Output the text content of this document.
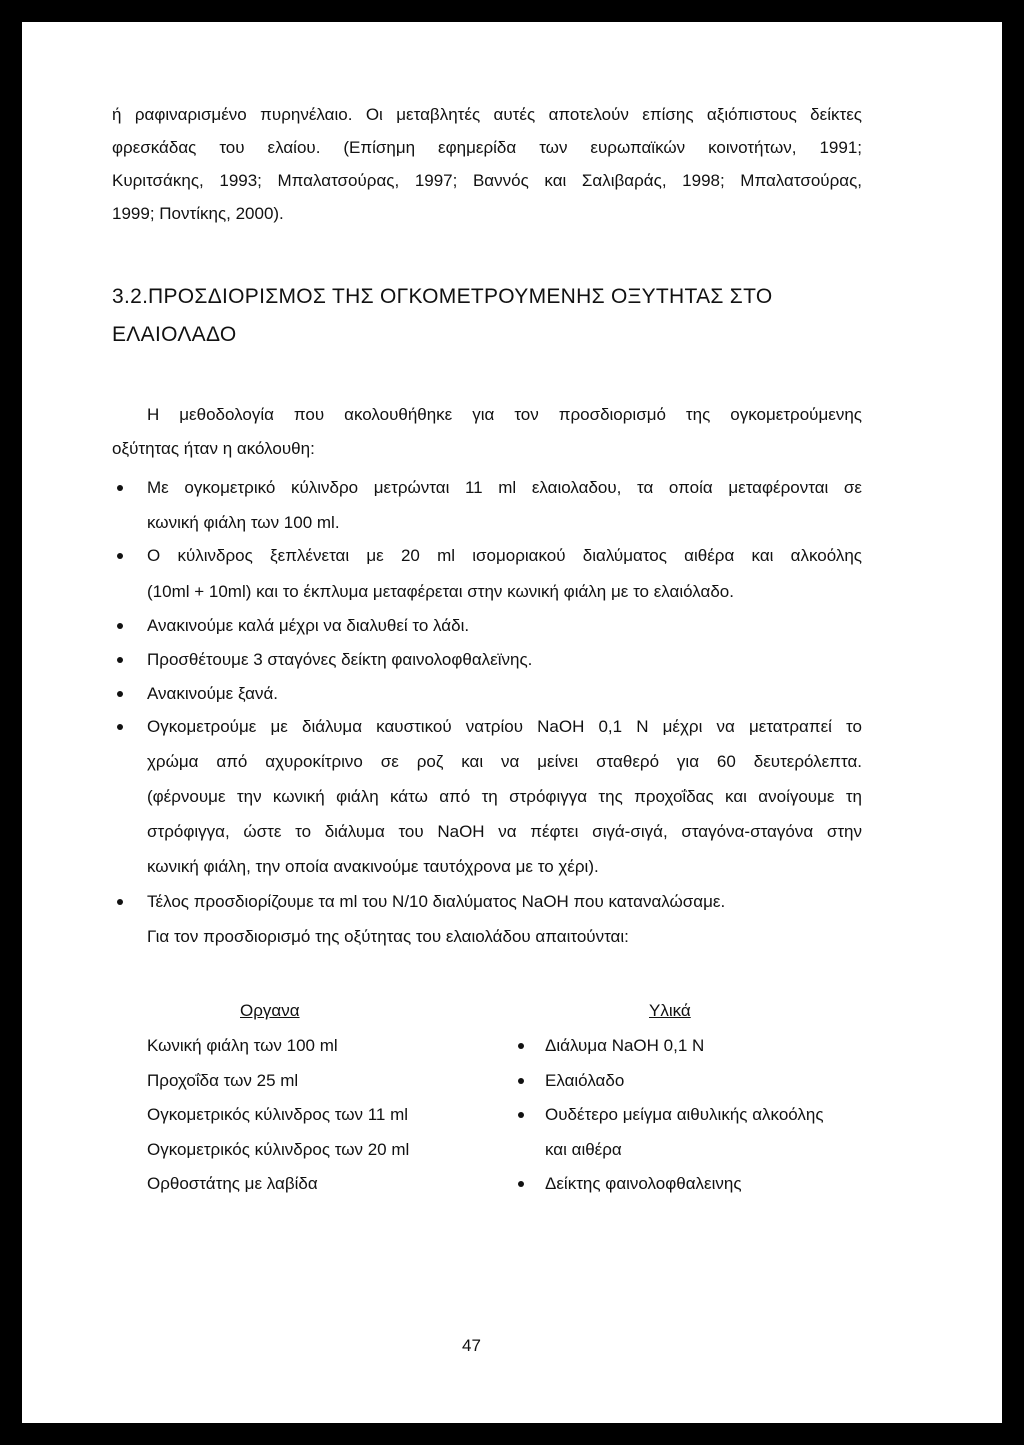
ή ραφιναρισμένο πυρηνέλαιο. Οι μεταβλητές αυτές αποτελούν επίσης αξιόπιστους δείκτες
φρεσκάδας του ελαίου. (Επίσημη εφημερίδα των ευρωπαϊκών κοινοτήτων, 1991;
Κυριτσάκης, 1993; Μπαλατσούρας, 1997; Βαννός και Σαλιβαράς, 1998; Μπαλατσούρας,
1999; Ποντίκης, 2000).
3.2. ΠΡΟΣΔΙΟΡΙΣΜΟΣ ΤΗΣ ΟΓΚΟΜΕΤΡΟΥΜΕΝΗΣ ΟΞΥΤΗΤΑΣ ΣΤΟ
ΕΛΑΙΟΛΑΔΟ
Η μεθοδολογία που ακολουθήθηκε για τον προσδιορισμό της ογκομετρούμενης
οξύτητας ήταν η ακόλουθη:
Με ογκομετρικό κύλινδρο μετρώνται 11 ml ελαιολαδου, τα οποία μεταφέρονται σε
κωνική φιάλη των 100 ml.
Ο κύλινδρος ξεπλένεται με 20 ml ισομοριακού διαλύματος αιθέρα και αλκοόλης
(10ml + 10ml) και το έκπλυμα μεταφέρεται στην κωνική φιάλη με το ελαιόλαδο.
Ανακινούμε καλά μέχρι να διαλυθεί το λάδι.
Προσθέτουμε 3 σταγόνες δείκτη φαινολοφθαλεϊνης.
Ανακινούμε ξανά.
Ογκομετρούμε με διάλυμα καυστικού νατρίου NaOH 0,1 N μέχρι να μετατραπεί το
χρώμα από αχυροκίτρινο σε ροζ και να μείνει σταθερό για 60 δευτερόλεπτα.
(φέρνουμε την κωνική φιάλη κάτω από τη στρόφιγγα της προχοΐδας και ανοίγουμε τη
στρόφιγγα, ώστε το διάλυμα του NaOH να πέφτει σιγά-σιγά, σταγόνα-σταγόνα στην
κωνική φιάλη, την οποία ανακινούμε ταυτόχρονα με το χέρι).
Τέλος προσδιορίζουμε τα ml του N/10 διαλύματος NaOH που καταναλώσαμε.
Για τον προσδιορισμό της οξύτητας του ελαιολάδου απαιτούνται:
Οργανα
Κωνική φιάλη των 100 ml
Προχοΐδα των 25 ml
Ογκομετρικός κύλινδρος των 11 ml
Ογκομετρικός κύλινδρος των 20 ml
Ορθοστάτης με λαβίδα
Υλικά
Διάλυμα NaOH 0,1 N
Ελαιόλαδο
Ουδέτερο μείγμα αιθυλικής αλκοόλης
και αιθέρα
Δείκτης φαινολοφθαλεινης
47
